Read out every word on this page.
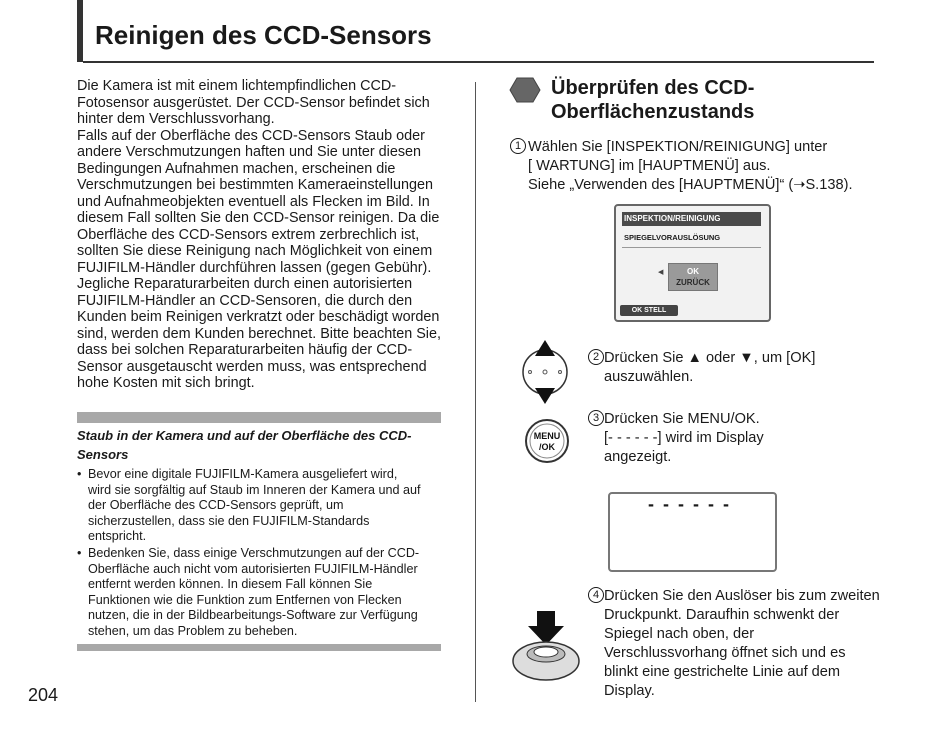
Reinigen des CCD-Sensors

Die Kamera ist mit einem lichtempfindlichen CCD-
Fotosensor ausgerüstet. Der CCD-Sensor befindet sich
hinter dem Verschlussvorhang.

Falls auf der Oberfläche des CCD-Sensors Staub oder
andere Verschmutzungen haften und Sie unter diesen
Bedingungen Aufnahmen machen, erscheinen die
Verschmutzungen bei bestimmten Kameraeinstellungen
und Aufnahmeobjekten eventuell als Flecken im Bild. In
diesem Fall sollten Sie den CCD-Sensor reinigen. Da die
Oberfläche des CCD-Sensors extrem zerbrechlich ist,
sollten Sie diese Reinigung nach Möglichkeit von einem
FUJIFILM-Händler durchführen lassen (gegen Gebühr).
Jegliche Reparaturarbeiten durch einen autorisierten
FUJIFILM-Händler an CCD-Sensoren, die durch den
Kunden beim Reinigen verkratzt oder beschädigt worden
sind, werden dem Kunden berechnet. Bitte beachten Sie,
dass bei solchen Reparaturarbeiten häufig der CCD-
Sensor ausgetauscht werden muss, was entsprechend
hohe Kosten mit sich bringt.

Staub in der Kamera und auf der Oberfläche des CCD-
Sensors
• Bevor eine digitale FUJIFILM-Kamera ausgeliefert wird,
wird sie sorgfältig auf Staub im Inneren der Kamera und auf
der Oberfläche des CCD-Sensors geprüft, um
sicherzustellen, dass sie den FUJIFILM-Standards
entspricht.
• Bedenken Sie, dass einige Verschmutzungen auf der CCD-
Oberfläche auch nicht vom autorisierten FUJIFILM-Händler
entfernt werden können. In diesem Fall können Sie
Funktionen wie die Funktion zum Entfernen von Flecken
nutzen, die in der Bildbearbeitungs-Software zur Verfügung
stehen, um das Problem zu beheben.
204
Überprüfen des CCD-
Oberflächenzustands
1 Wählen Sie [INSPEKTION/REINIGUNG] unter
[ WARTUNG] im [HAUPTMENÜ] aus.
Siehe „Verwenden des [HAUPTMENÜ]“ (➝S.138).
INSPEKTION/REINIGUNG
SPIEGELVORAUSLÖSUNG
◀	OK
ZURÜCK
OK STELL
2 Drücken Sie ▲ oder ▼, um [OK]
auszuwählen.
MENU
/OK
3 Drücken Sie MENU/OK.
[- - - - - -] wird im Display
angezeigt.
- - - - - -
4 Drücken Sie den Auslöser bis zum zweiten
Druckpunkt. Daraufhin schwenkt der
Spiegel nach oben, der
Verschlussvorhang öffnet sich und es
blinkt eine gestrichelte Linie auf dem
Display.
